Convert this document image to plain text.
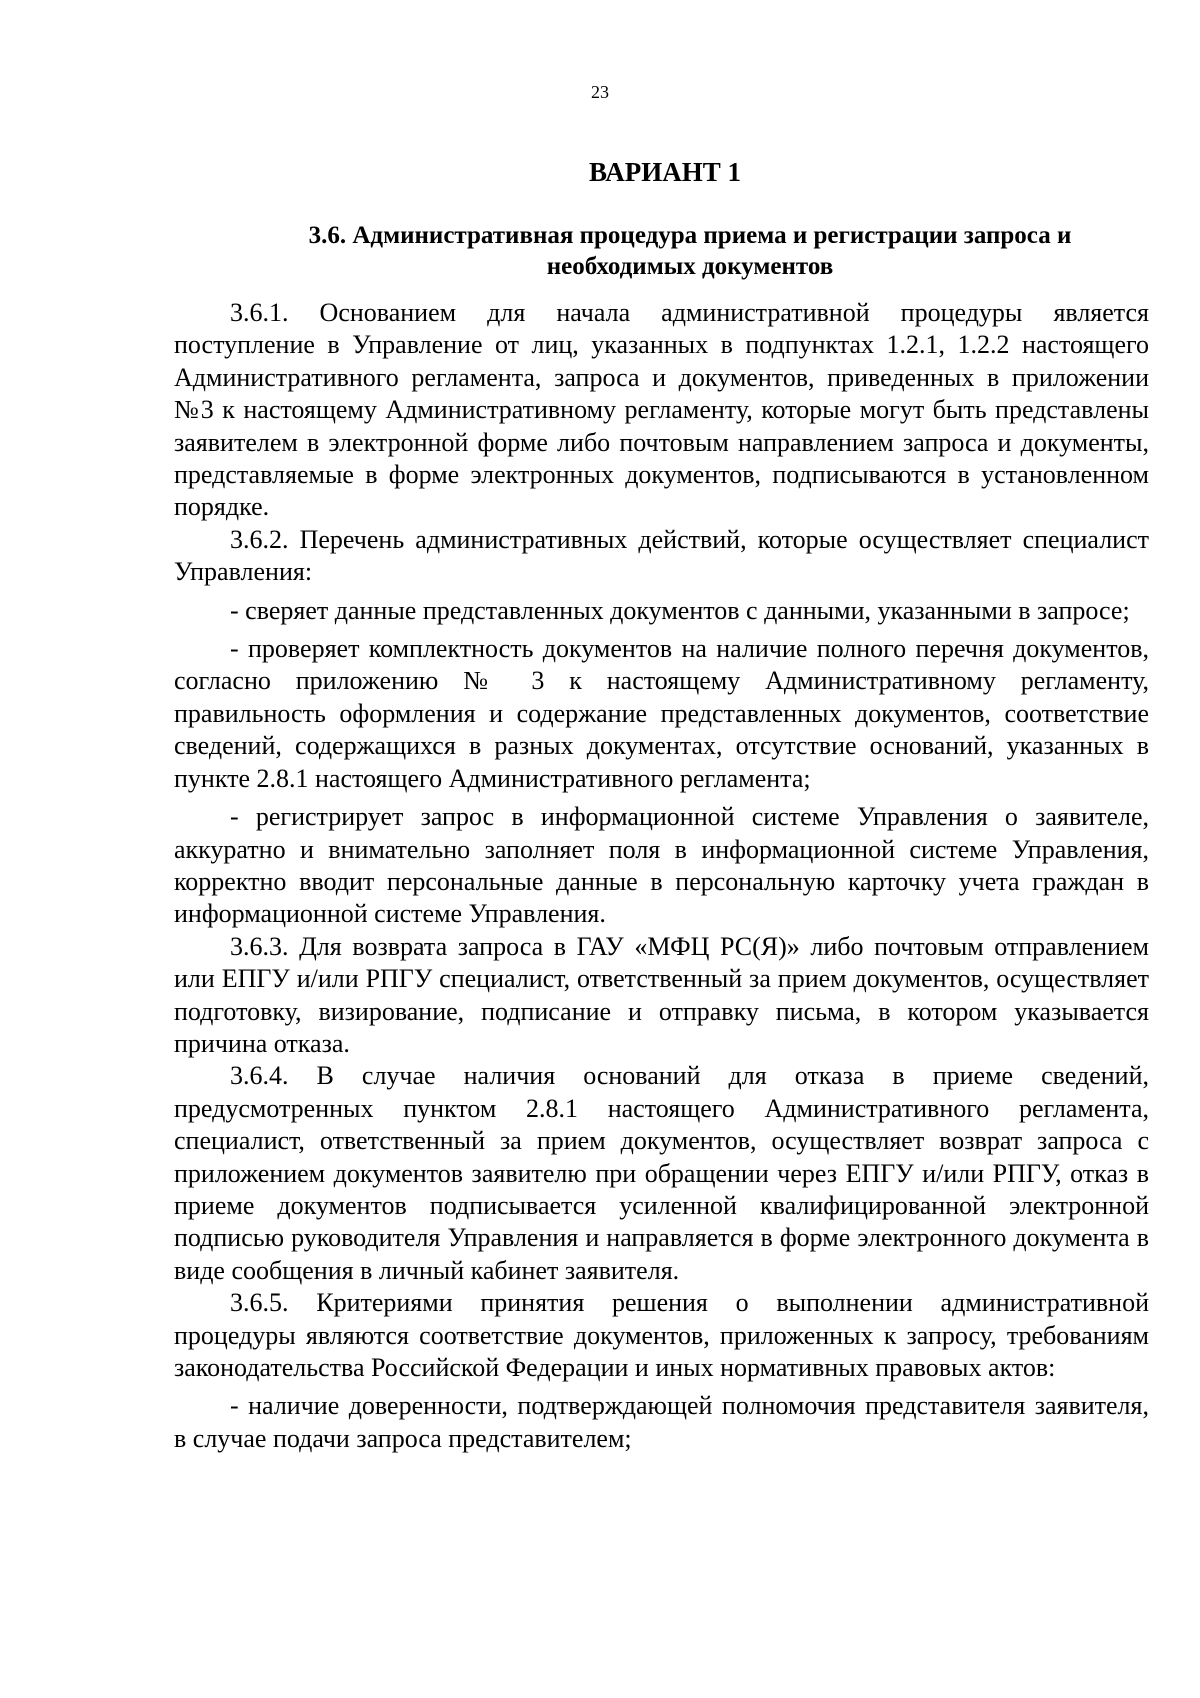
23
ВАРИАНТ 1
3.6. Административная процедура приема и регистрации запроса и необходимых документов

3.6.1. Основанием для начала административной процедуры является поступление в Управление от лиц, указанных в подпунктах 1.2.1, 1.2.2 настоящего Административного регламента, запроса и документов, приведенных в приложении №3 к настоящему Административному регламенту, которые могут быть представлены заявителем в электронной форме либо почтовым направлением запроса и документы, представляемые в форме электронных документов, подписываются в установленном порядке.

3.6.2. Перечень административных действий, которые осуществляет специалист Управления:

- сверяет данные представленных документов с данными, указанными в запросе;

- проверяет комплектность документов на наличие полного перечня документов, согласно приложению № 3 к настоящему Административному регламенту, правильность оформления и содержание представленных документов, соответствие сведений, содержащихся в разных документах, отсутствие оснований, указанных в пункте 2.8.1 настоящего Административного регламента;

- регистрирует запрос в информационной системе Управления о заявителе, аккуратно и внимательно заполняет поля в информационной системе Управления, корректно вводит персональные данные в персональную карточку учета граждан в информационной системе Управления.

3.6.3. Для возврата запроса в ГАУ «МФЦ РС(Я)» либо почтовым отправлением или ЕПГУ и/или РПГУ специалист, ответственный за прием документов, осуществляет подготовку, визирование, подписание и отправку письма, в котором указывается причина отказа.

3.6.4. В случае наличия оснований для отказа в приеме сведений, предусмотренных пунктом 2.8.1 настоящего Административного регламента, специалист, ответственный за прием документов, осуществляет возврат запроса с приложением документов заявителю при обращении через ЕПГУ и/или РПГУ, отказ в приеме документов подписывается усиленной квалифицированной электронной подписью руководителя Управления и направляется в форме электронного документа в виде сообщения в личный кабинет заявителя.

3.6.5. Критериями принятия решения о выполнении административной процедуры являются соответствие документов, приложенных к запросу, требованиям законодательства Российской Федерации и иных нормативных правовых актов:

- наличие доверенности, подтверждающей полномочия представителя заявителя, в случае подачи запроса представителем;
